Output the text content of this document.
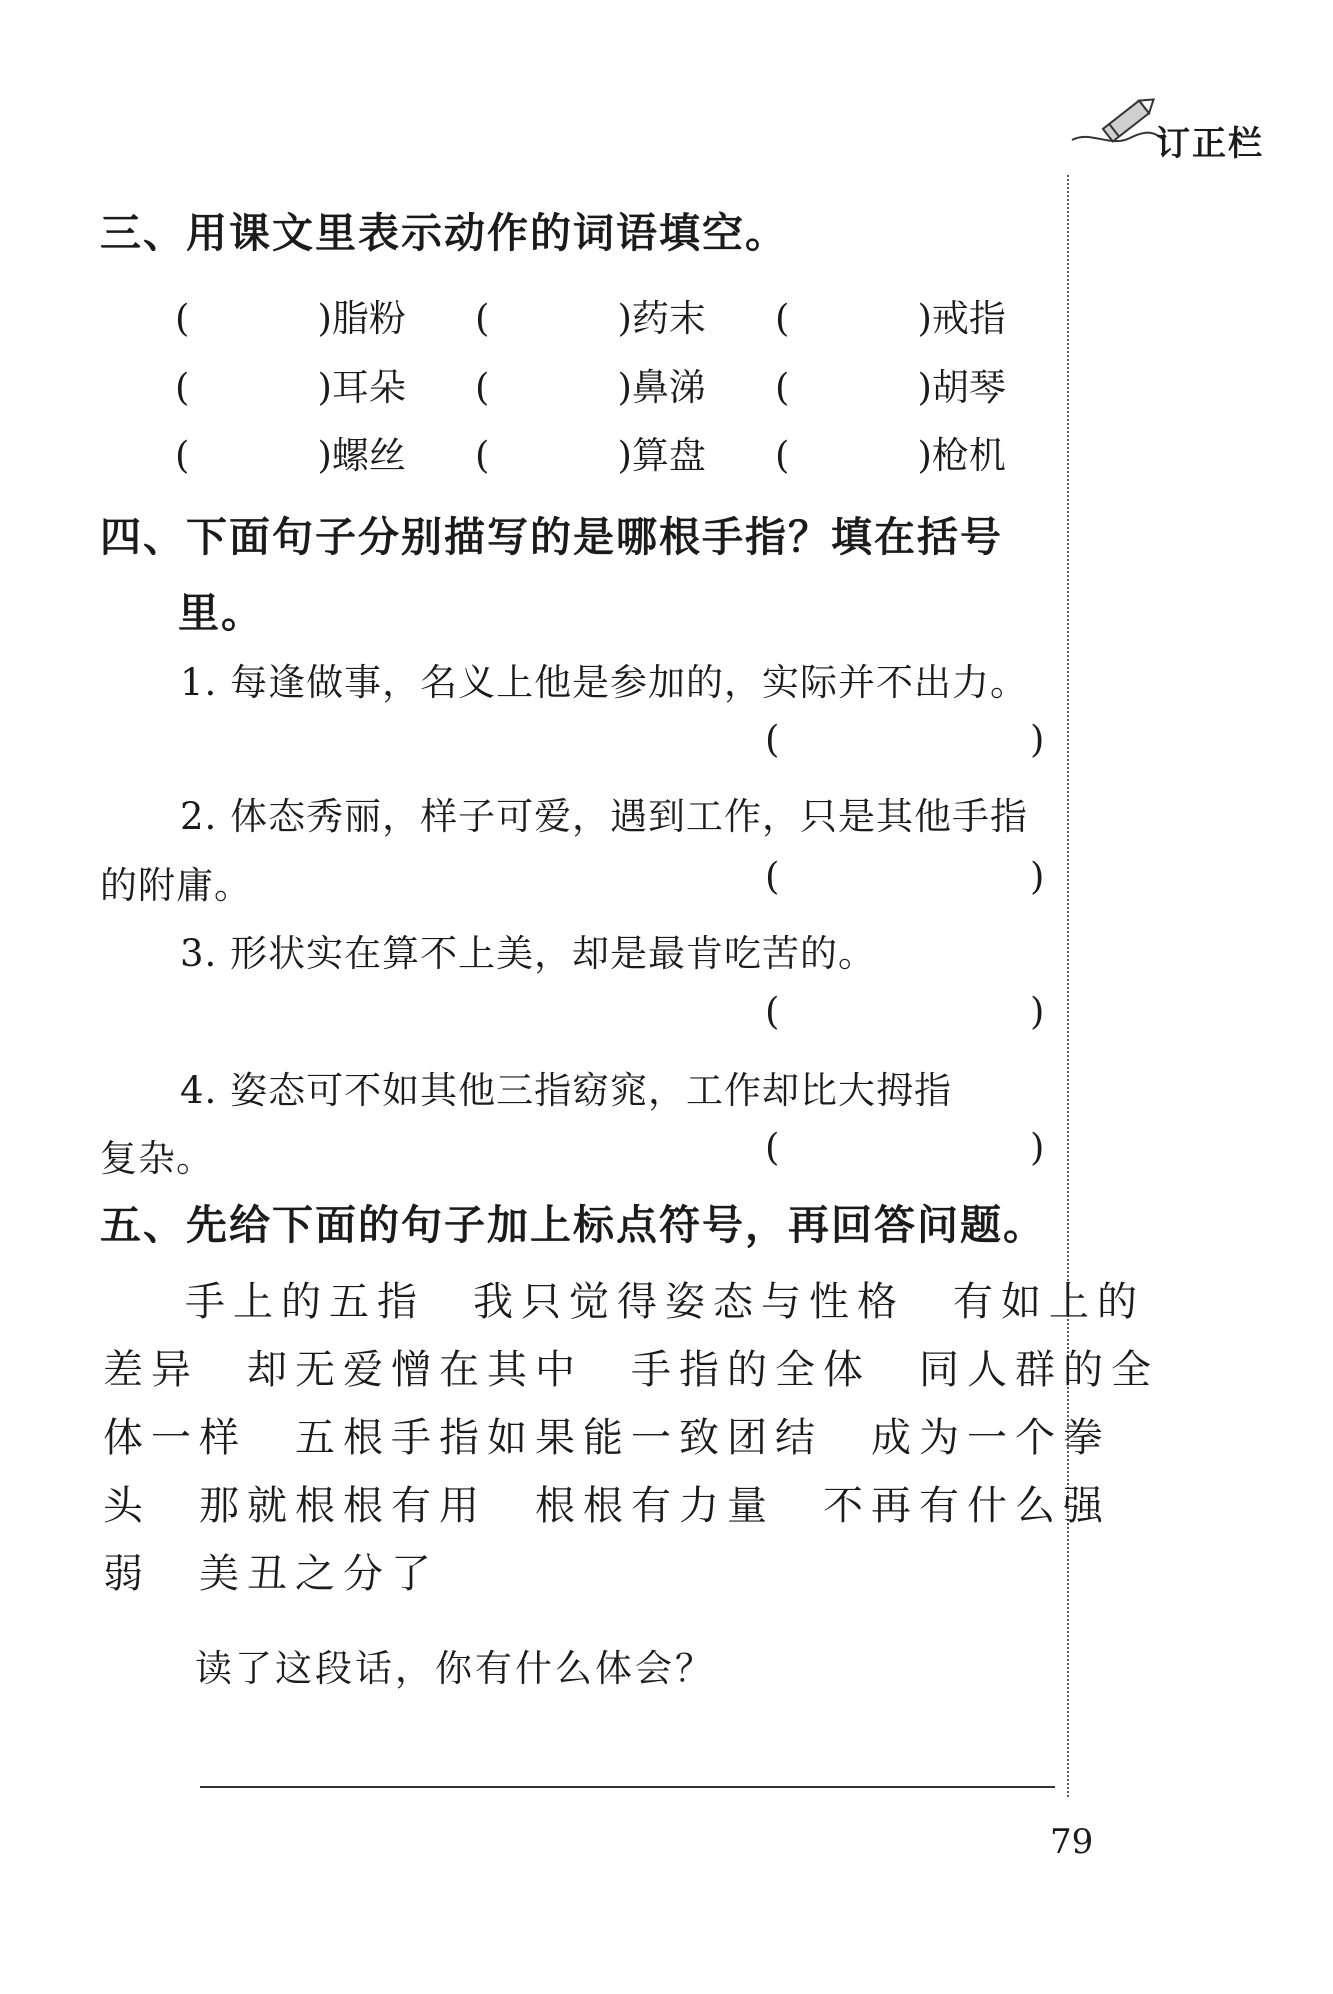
订正栏
三、用课文里表示动作的词语填空。
(	)脂粉 (	)药末 (	)戒指
(	)耳朵 (	)鼻涕 (	)胡琴
(	)螺丝 (	)算盘 (	)枪机
四、下面句子分别描写的是哪根手指？填在括号
里。
1. 每逢做事，名义上他是参加的，实际并不出力。
(	)
2. 体态秀丽，样子可爱，遇到工作，只是其他手指
的附庸。	(	)
3. 形状实在算不上美，却是最肯吃苦的。
(	)
4. 姿态可不如其他三指窈窕，工作却比大拇指
复杂。	(	)
五、先给下面的句子加上标点符号，再回答问题。
手上的五指　我只觉得姿态与性格　有如上的
差异　却无爱憎在其中　手指的全体　同人群的全
体一样　五根手指如果能一致团结　成为一个拳
头　那就根根有用　根根有力量　不再有什么强
弱　美丑之分了
读了这段话，你有什么体会？
79
